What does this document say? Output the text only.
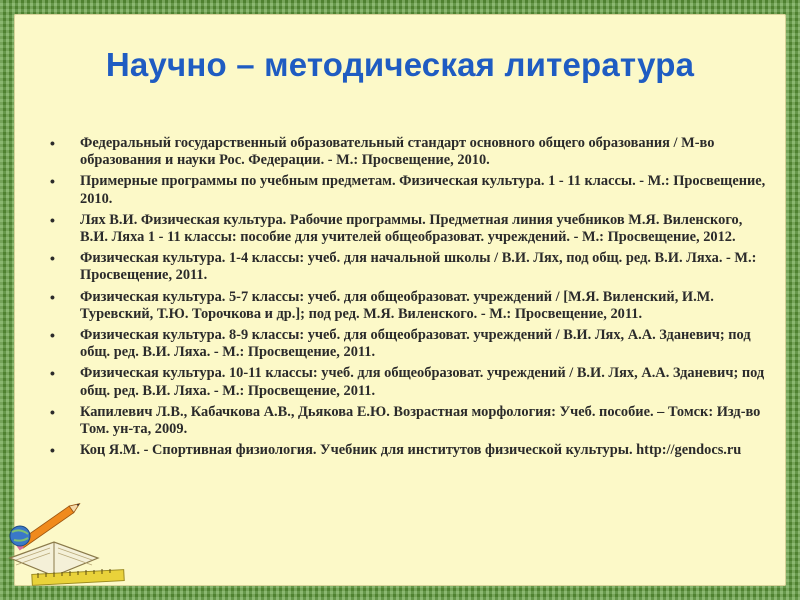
Научно – методическая литература
• Федеральный государственный образовательный стандарт основного общего образования / М-во образования и науки Рос. Федерации. - М.: Просвещение, 2010.
• Примерные программы по учебным предметам. Физическая культура. 1 - 11 классы. - М.: Просвещение, 2010.
• Лях В.И. Физическая культура. Рабочие программы. Предметная линия учебников М.Я. Виленского, В.И. Ляха 1 - 11 классы: пособие для учителей общеобразоват. учреждений. - М.: Просвещение, 2012.
• Физическая культура. 1-4 классы: учеб. для начальной школы / В.И. Лях, под общ. ред. В.И. Ляха. - М.: Просвещение, 2011.
• Физическая культура. 5-7 классы: учеб. для общеобразоват. учреждений / [М.Я. Виленский, И.М. Туревский, Т.Ю. Торочкова и др.]; под ред. М.Я. Виленского. - М.: Просвещение, 2011.
• Физическая культура. 8-9 классы: учеб. для общеобразоват. учреждений / В.И. Лях, А.А. Зданевич; под общ. ред. В.И. Ляха. - М.: Просвещение, 2011.
• Физическая культура. 10-11 классы: учеб. для общеобразоват. учреждений / В.И. Лях, А.А. Зданевич; под общ. ред. В.И. Ляха. - М.: Просвещение, 2011.
• Капилевич Л.В., Кабачкова А.В., Дьякова Е.Ю. Возрастная морфология: Учеб. пособие. – Томск: Изд-во Том. ун-та, 2009.
• Коц Я.М. - Спортивная физиология. Учебник для институтов физической культуры. http://gendocs.ru
